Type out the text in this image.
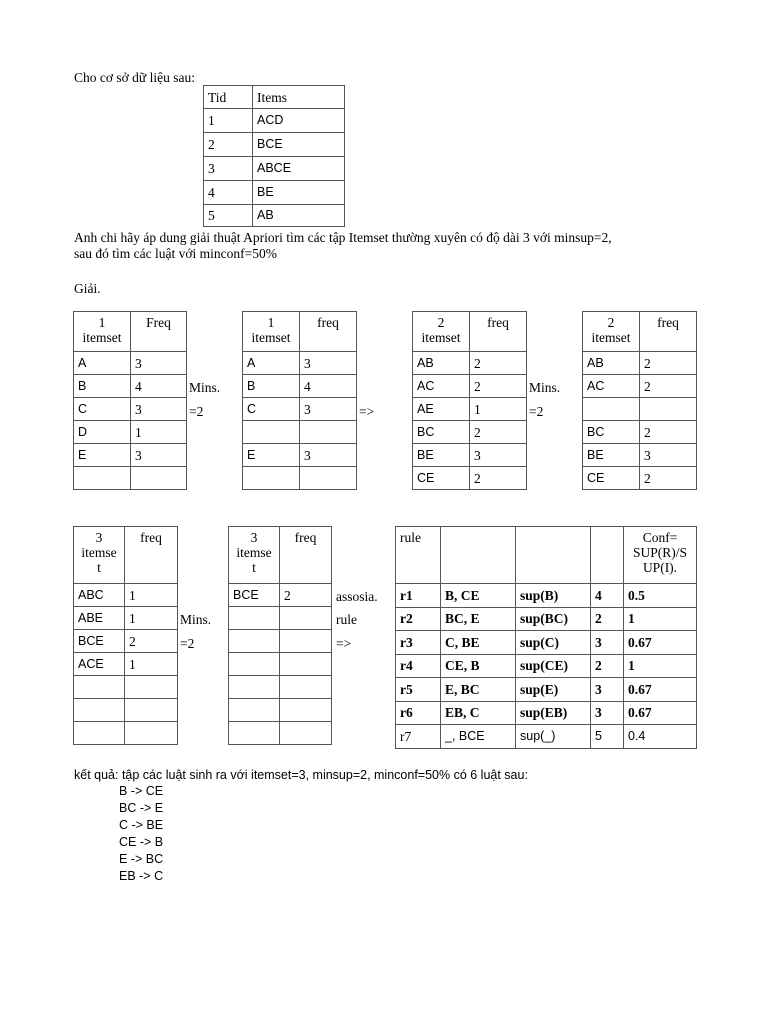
Cho cơ sở dữ liệu sau:
Tid	Items
1	ACD
2	BCE
3	ABCE
4	BE
5	AB
Anh chi hãy áp dung giải thuật Apriori tìm các tập Itemset thường xuyên có độ dài 3 với minsup=2,
sau đó tìm các luật với minconf=50%
Giải.
1
itemset	Freq
A	3
B	4
C	3
D	1
E	3

Mins.
=2
1
itemset	freq
A	3
B	4
C	3

E	3

=>
2
itemset	freq
AB	2
AC	2
AE	1
BC	2
BE	3
CE	2
Mins.
=2
2
itemset	freq
AB	2
AC	2

BC	2
BE	3
CE	2
3
itemse
t	freq
ABC	1
ABE	1
BCE	2
ACE	1

Mins.
=2
3
itemse
t	freq
BCE	2

		assosia.
rule
=>
rule				Conf=
SUP(R)/S
UP(I).

r1	B, CE	sup(B)	4	0.5
r2	BC, E	sup(BC)	2	1
r3	C, BE	sup(C)	3	0.67
r4	CE, B	sup(CE)	2	1
r5	E, BC	sup(E)	3	0.67
r6	EB, C	sup(EB)	3	0.67
r7	_, BCE	sup(_)	5	0.4
kết quả: tập các luật sinh ra với itemset=3, minsup=2, minconf=50% có 6 luật sau:
B -> CE
BC -> E
C -> BE
CE -> B
E -> BC
EB -> C
